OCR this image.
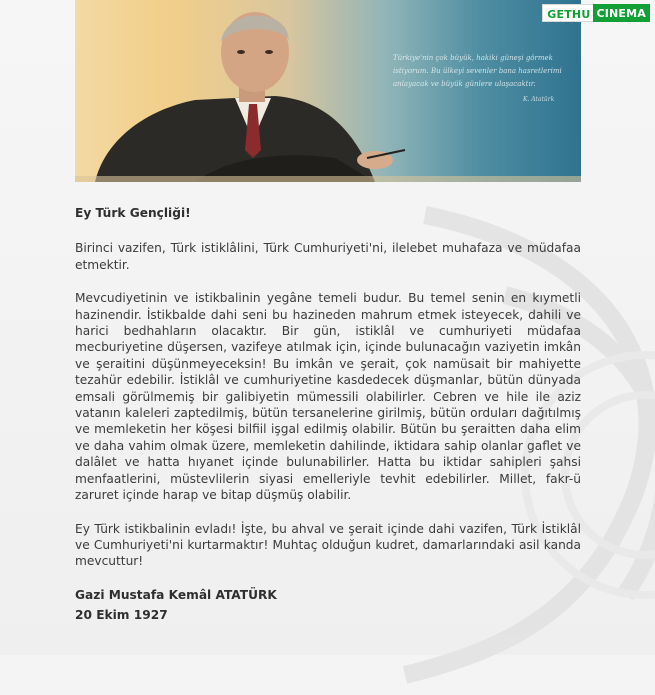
Türkiye'nin çok büyük, hakiki güneşi görmek
istiyorum. Bu ülkeyi sevenler bana hasretlerimi
anlayacak ve büyük günlere ulaşacaktır.
K. Atatürk
GETHU CINEMA
Ey Türk Gençliği!

Birinci vazifen, Türk istiklâlini, Türk Cumhuriyeti'ni, ilelebet muhafaza ve müdafaa etmektir.

Mevcudiyetinin ve istikbalinin yegâne temeli budur. Bu temel senin en kıymetli hazinendir. İstikbalde dahi seni bu hazineden mahrum etmek isteyecek, dahili ve harici bedhahların olacaktır. Bir gün, istiklâl ve cumhuriyeti müdafaa mecburiyetine düşersen, vazifeye atılmak için, içinde bulunacağın vaziyetin imkân ve şeraitini düşünmeyeceksin! Bu imkân ve şerait, çok namüsait bir mahiyette tezahür edebilir. İstiklâl ve cumhuriyetine kasdedecek düşmanlar, bütün dünyada emsali görülmemiş bir galibiyetin mümessili olabilirler. Cebren ve hile ile aziz vatanın kaleleri zaptedilmiş, bütün tersanelerine girilmiş, bütün orduları dağıtılmış ve memleketin her köşesi bilfiil işgal edilmiş olabilir. Bütün bu şeraitten daha elim ve daha vahim olmak üzere, memleketin dahilinde, iktidara sahip olanlar gaflet ve dalâlet ve hatta hıyanet içinde bulunabilirler. Hatta bu iktidar sahipleri şahsi menfaatlerini, müstevlilerin siyasi emelleriyle tevhit edebilirler. Millet, fakr-ü zaruret içinde harap ve bitap düşmüş olabilir.

Ey Türk istikbalinin evladı! İşte, bu ahval ve şerait içinde dahi vazifen, Türk İstiklâl ve Cumhuriyeti'ni kurtarmaktır! Muhtaç olduğun kudret, damarlarındaki asil kanda mevcuttur!

Gazi Mustafa Kemâl ATATÜRK
20 Ekim 1927
